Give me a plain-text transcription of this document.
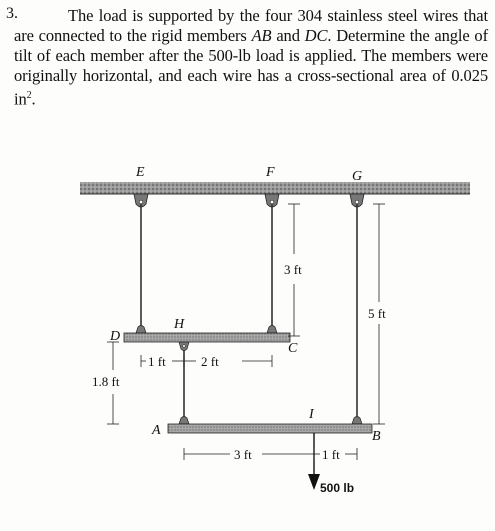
3.	The load is supported by the four 304 stainless steel wires that are connected to the rigid members AB and DC. Determine the angle of tilt of each member after the 500-lb load is applied. The members were originally horizontal, and each wire has a cross-sectional area of 0.025 $in^2$.
E	F	G
H
D
C
A
I
B
3 ft
5 ft
1.8 ft
1 ft	2 ft
3 ft	1 ft
500 lb
